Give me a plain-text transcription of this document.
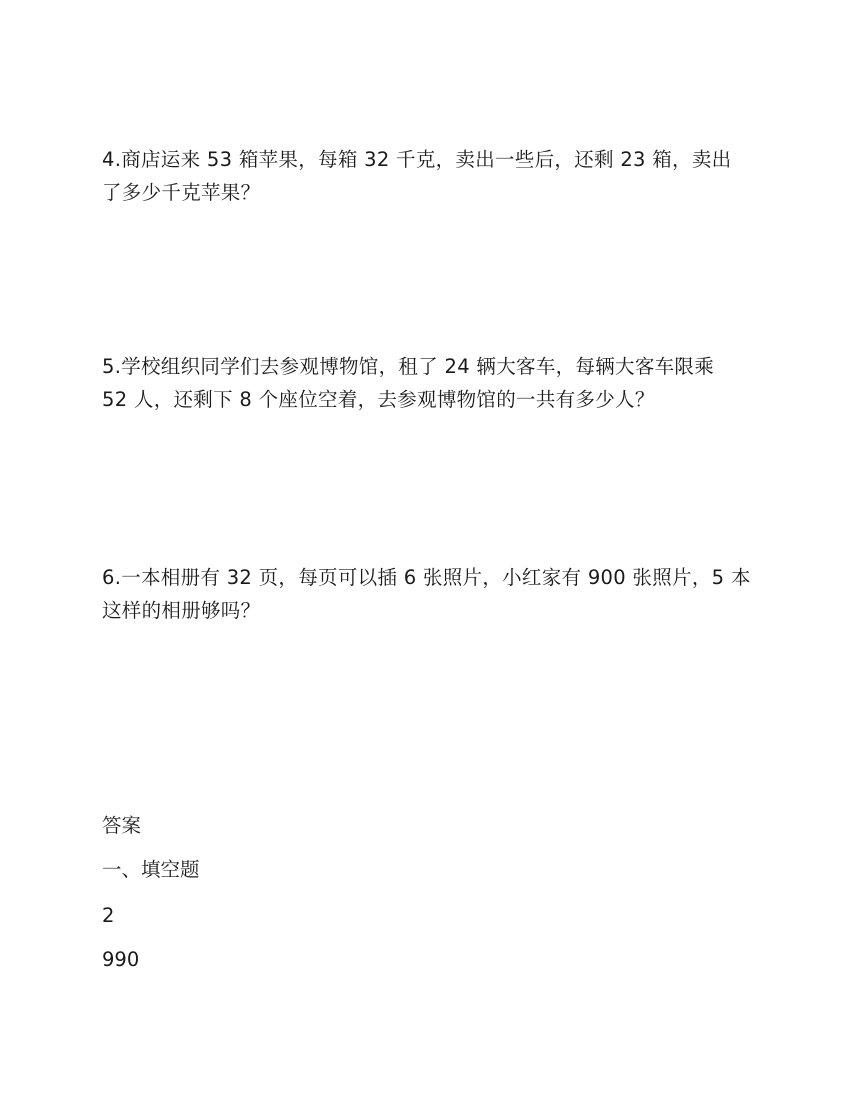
4.商店运来 53 箱苹果，每箱 32 千克，卖出一些后，还剩 23 箱，卖出
了多少千克苹果？
5.学校组织同学们去参观博物馆，租了 24 辆大客车，每辆大客车限乘
52 人，还剩下 8 个座位空着，去参观博物馆的一共有多少人？
6.一本相册有 32 页，每页可以插 6 张照片，小红家有 900 张照片，5 本
这样的相册够吗？

答案

一、填空题

2

990
